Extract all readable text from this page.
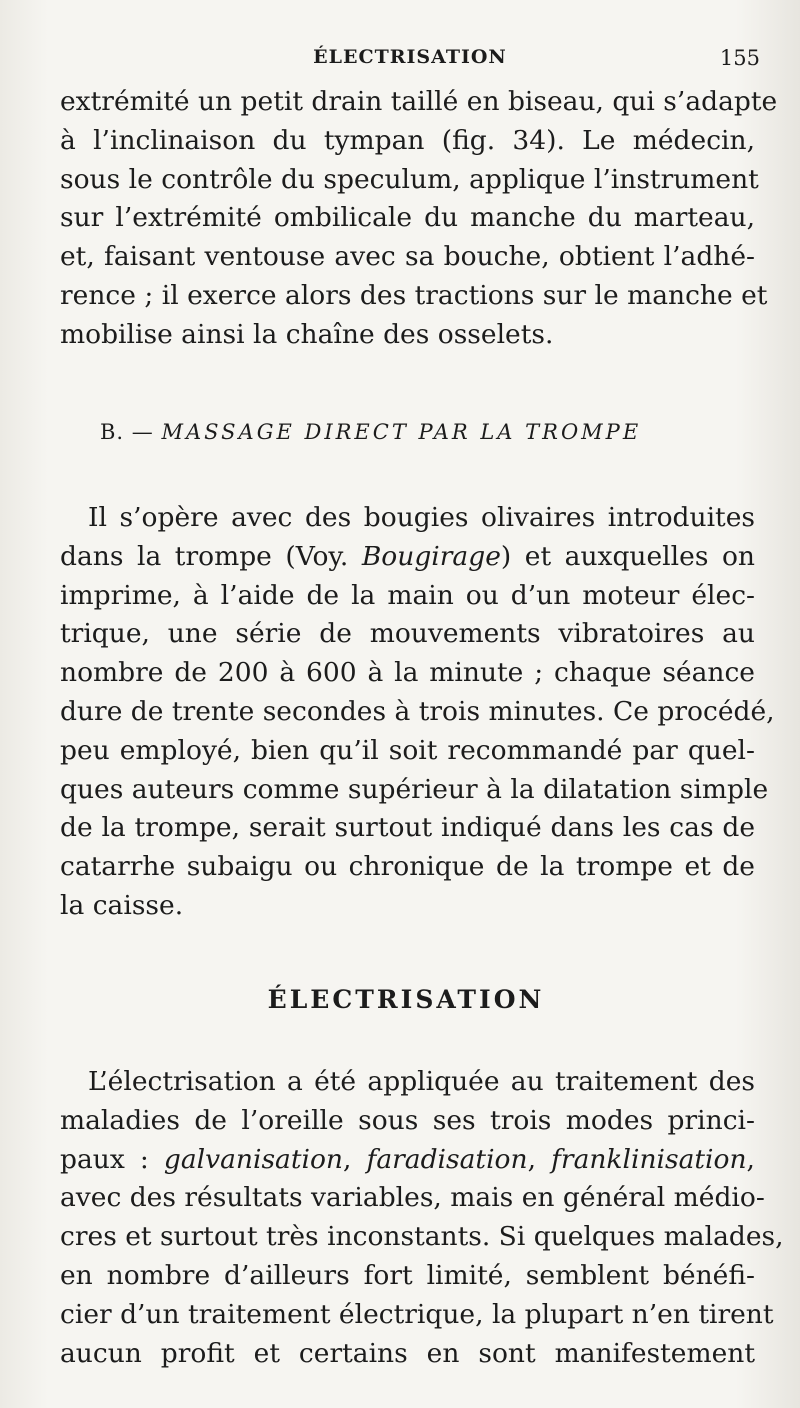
ÉLECTRISATION	155
extrémité un petit drain taillé en biseau, qui s’adapte
à l’inclinaison du tympan (fig. 34). Le médecin,
sous le contrôle du speculum, applique l’instrument
sur l’extrémité ombilicale du manche du marteau,
et, faisant ventouse avec sa bouche, obtient l’adhé-
rence ; il exerce alors des tractions sur le manche et
mobilise ainsi la chaîne des osselets.
B. — MASSAGE DIRECT PAR LA TROMPE
Il s’opère avec des bougies olivaires introduites
dans la trompe (Voy. Bougirage) et auxquelles on
imprime, à l’aide de la main ou d’un moteur élec-
trique, une série de mouvements vibratoires au
nombre de 200 à 600 à la minute ; chaque séance
dure de trente secondes à trois minutes. Ce procédé,
peu employé, bien qu’il soit recommandé par quel-
ques auteurs comme supérieur à la dilatation simple
de la trompe, serait surtout indiqué dans les cas de
catarrhe subaigu ou chronique de la trompe et de
la caisse.
ÉLECTRISATION
L’électrisation a été appliquée au traitement des
maladies de l’oreille sous ses trois modes princi-
paux : galvanisation, faradisation, franklinisation,
avec des résultats variables, mais en général médio-
cres et surtout très inconstants. Si quelques malades,
en nombre d’ailleurs fort limité, semblent bénéfi-
cier d’un traitement électrique, la plupart n’en tirent
aucun profit et certains en sont manifestement
